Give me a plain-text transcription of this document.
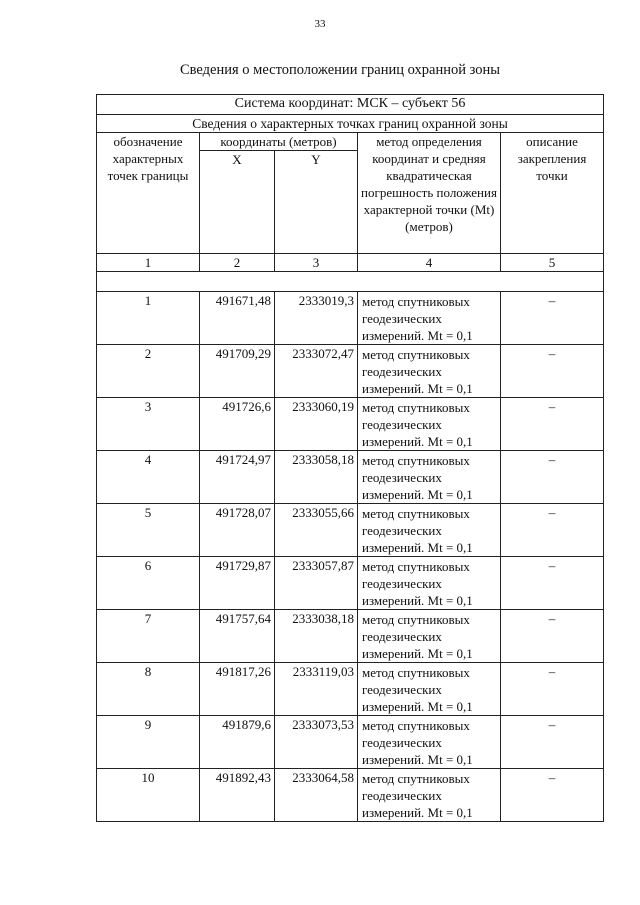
33
Сведения о местоположении границ охранной зоны
Система координат: МСК – субъект 56				
Сведения о характерных точках границ охранной зоны				
обозначение характерных точек границы	координаты (метров)		метод определения координат и средняя квадратическая погрешность положения характерной точки (Mt) (метров)	описание закрепления точки
	X	Y		
1	2	3	4	5

1	491671,48	2333019,3	метод спутниковых геодезических измерений. Mt = 0,1	–
2	491709,29	2333072,47	метод спутниковых геодезических измерений. Mt = 0,1	–
3	491726,6	2333060,19	метод спутниковых геодезических измерений. Mt = 0,1	–
4	491724,97	2333058,18	метод спутниковых геодезических измерений. Mt = 0,1	–
5	491728,07	2333055,66	метод спутниковых геодезических измерений. Mt = 0,1	–
6	491729,87	2333057,87	метод спутниковых геодезических измерений. Mt = 0,1	–
7	491757,64	2333038,18	метод спутниковых геодезических измерений. Mt = 0,1	–
8	491817,26	2333119,03	метод спутниковых геодезических измерений. Mt = 0,1	–
9	491879,6	2333073,53	метод спутниковых геодезических измерений. Mt = 0,1	–
10	491892,43	2333064,58	метод спутниковых геодезических измерений. Mt = 0,1	–
